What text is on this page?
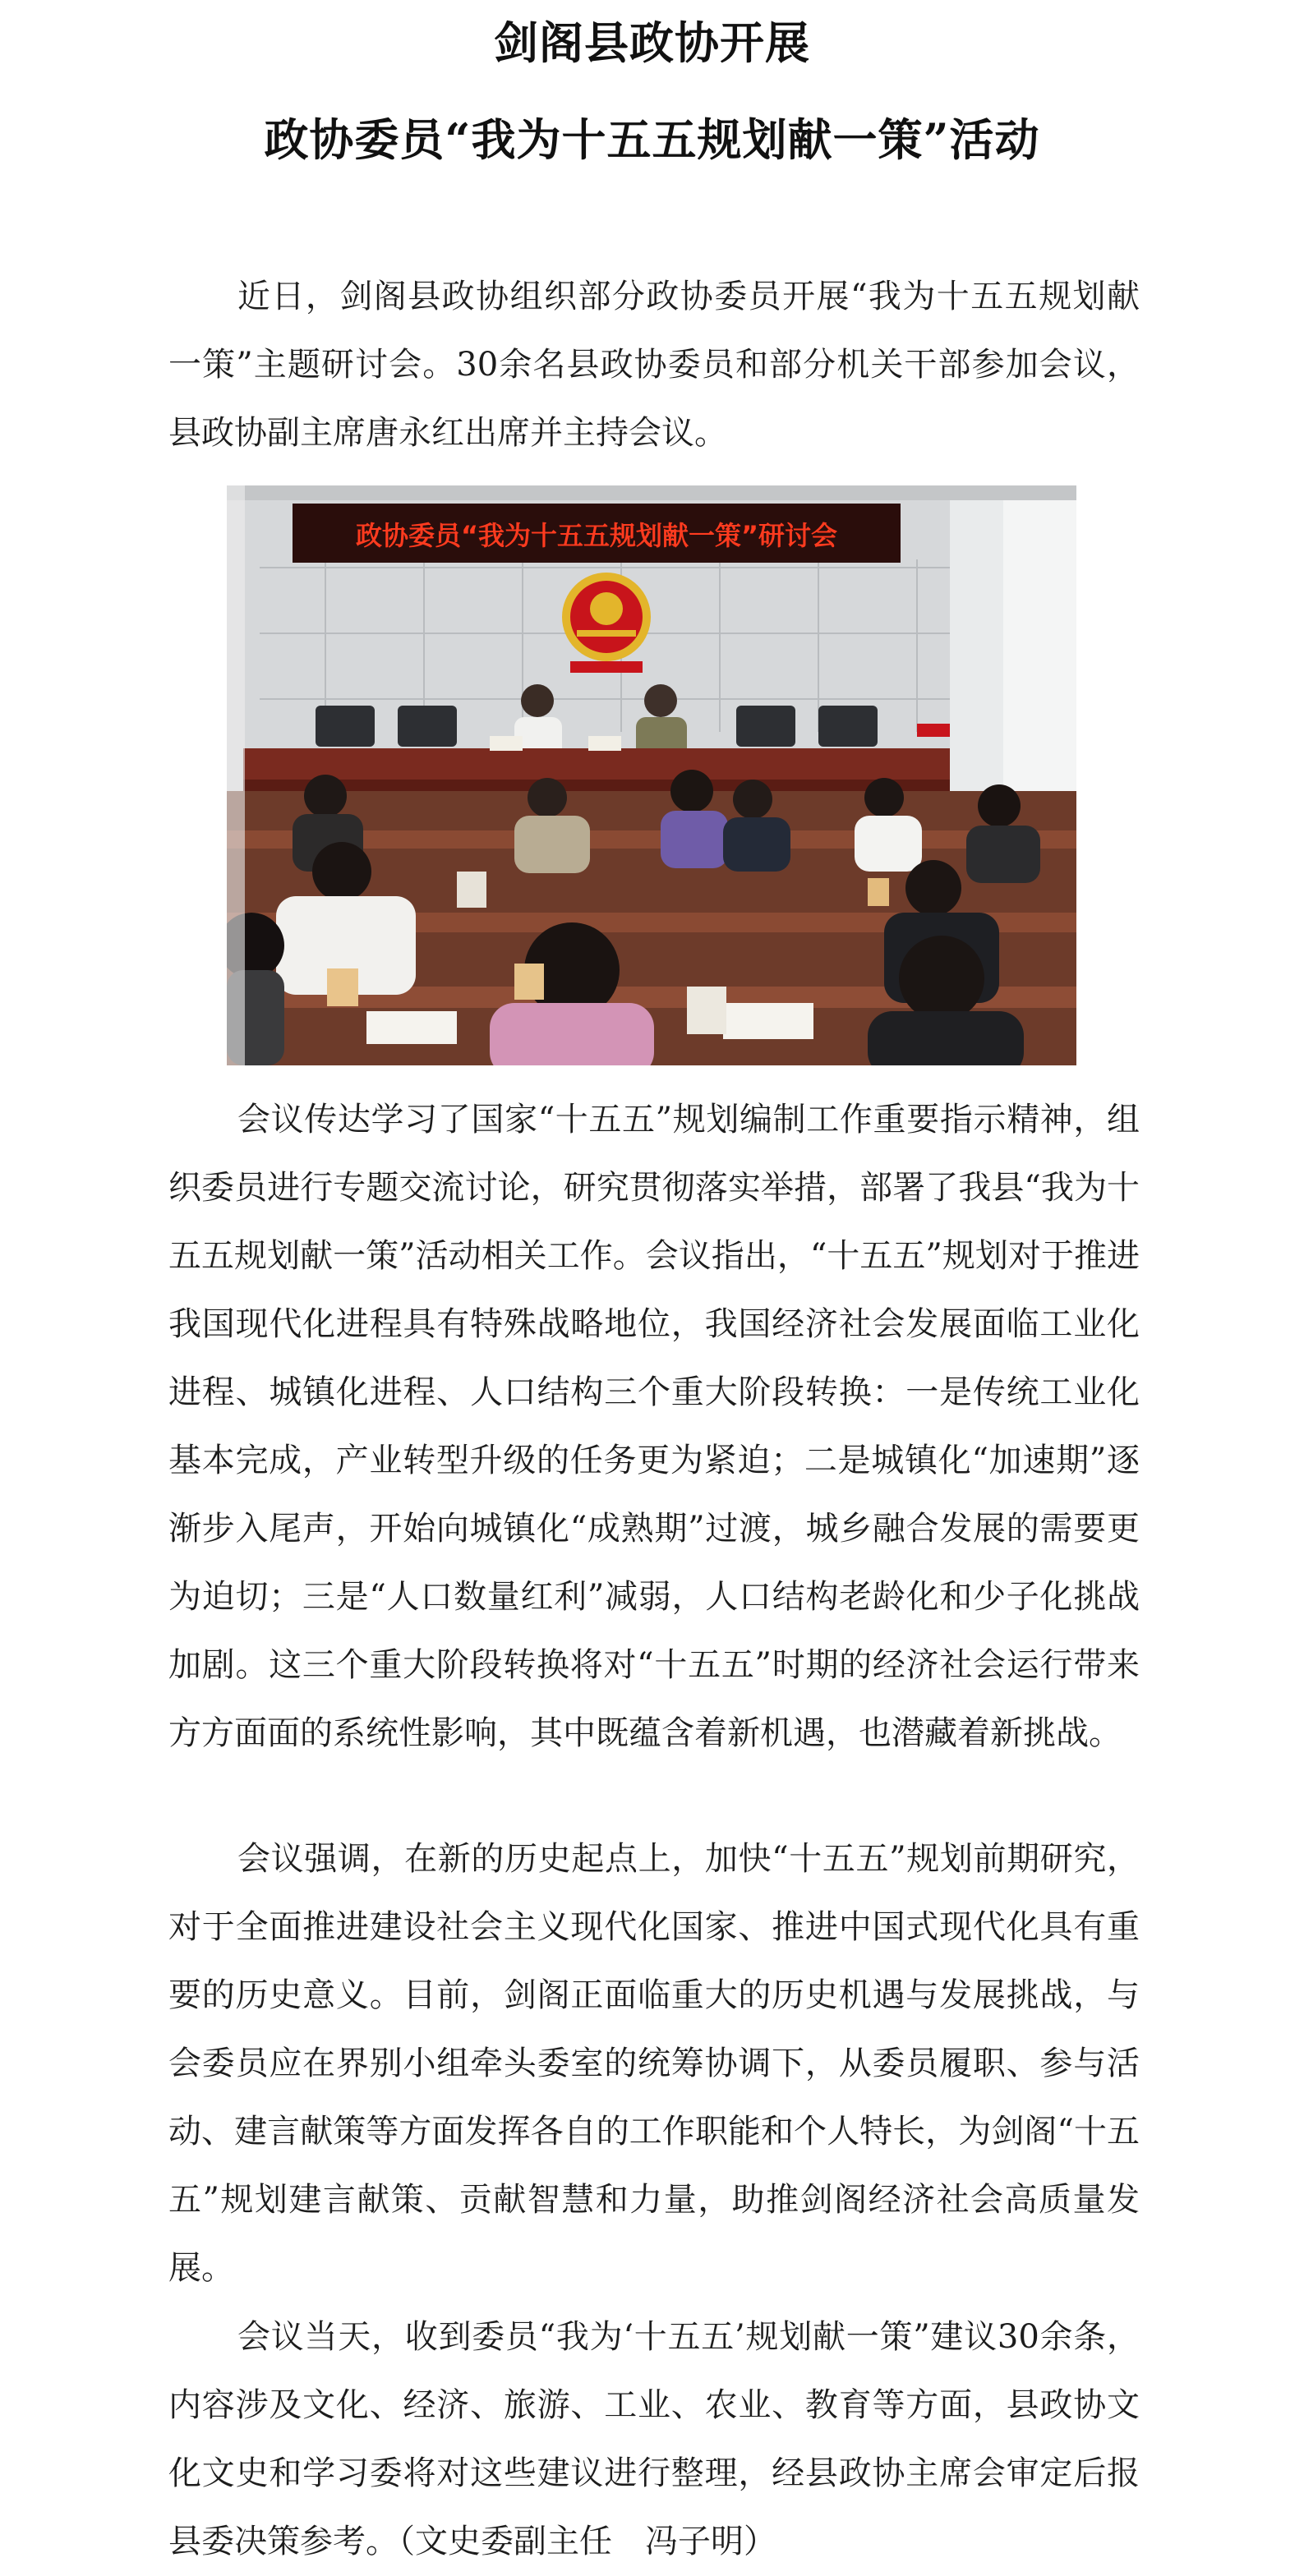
剑阁县政协开展
政协委员“我为十五五规划献一策”活动
近日，剑阁县政协组织部分政协委员开展“我为十五五规划献一策”主题研讨会。30余名县政协委员和部分机关干部参加会议，县政协副主席唐永红出席并主持会议。
政协委员“我为十五五规划献一策”研讨会
会议传达学习了国家“十五五”规划编制工作重要指示精神，组织委员进行专题交流讨论，研究贯彻落实举措，部署了我县“我为十五五规划献一策”活动相关工作。会议指出，“十五五”规划对于推进我国现代化进程具有特殊战略地位，我国经济社会发展面临工业化进程、城镇化进程、人口结构三个重大阶段转换：一是传统工业化基本完成，产业转型升级的任务更为紧迫；二是城镇化“加速期”逐渐步入尾声，开始向城镇化“成熟期”过渡，城乡融合发展的需要更为迫切；三是“人口数量红利”减弱，人口结构老龄化和少子化挑战加剧。这三个重大阶段转换将对“十五五”时期的经济社会运行带来方方面面的系统性影响，其中既蕴含着新机遇，也潜藏着新挑战。
会议强调，在新的历史起点上，加快“十五五”规划前期研究，对于全面推进建设社会主义现代化国家、推进中国式现代化具有重要的历史意义。目前，剑阁正面临重大的历史机遇与发展挑战，与会委员应在界别小组牵头委室的统筹协调下，从委员履职、参与活动、建言献策等方面发挥各自的工作职能和个人特长，为剑阁“十五五”规划建言献策、贡献智慧和力量，助推剑阁经济社会高质量发展。
会议当天，收到委员“我为‘十五五’规划献一策”建议30余条，内容涉及文化、经济、旅游、工业、农业、教育等方面，县政协文化文史和学习委将对这些建议进行整理，经县政协主席会审定后报县委决策参考。（文史委副主任　冯子明）
